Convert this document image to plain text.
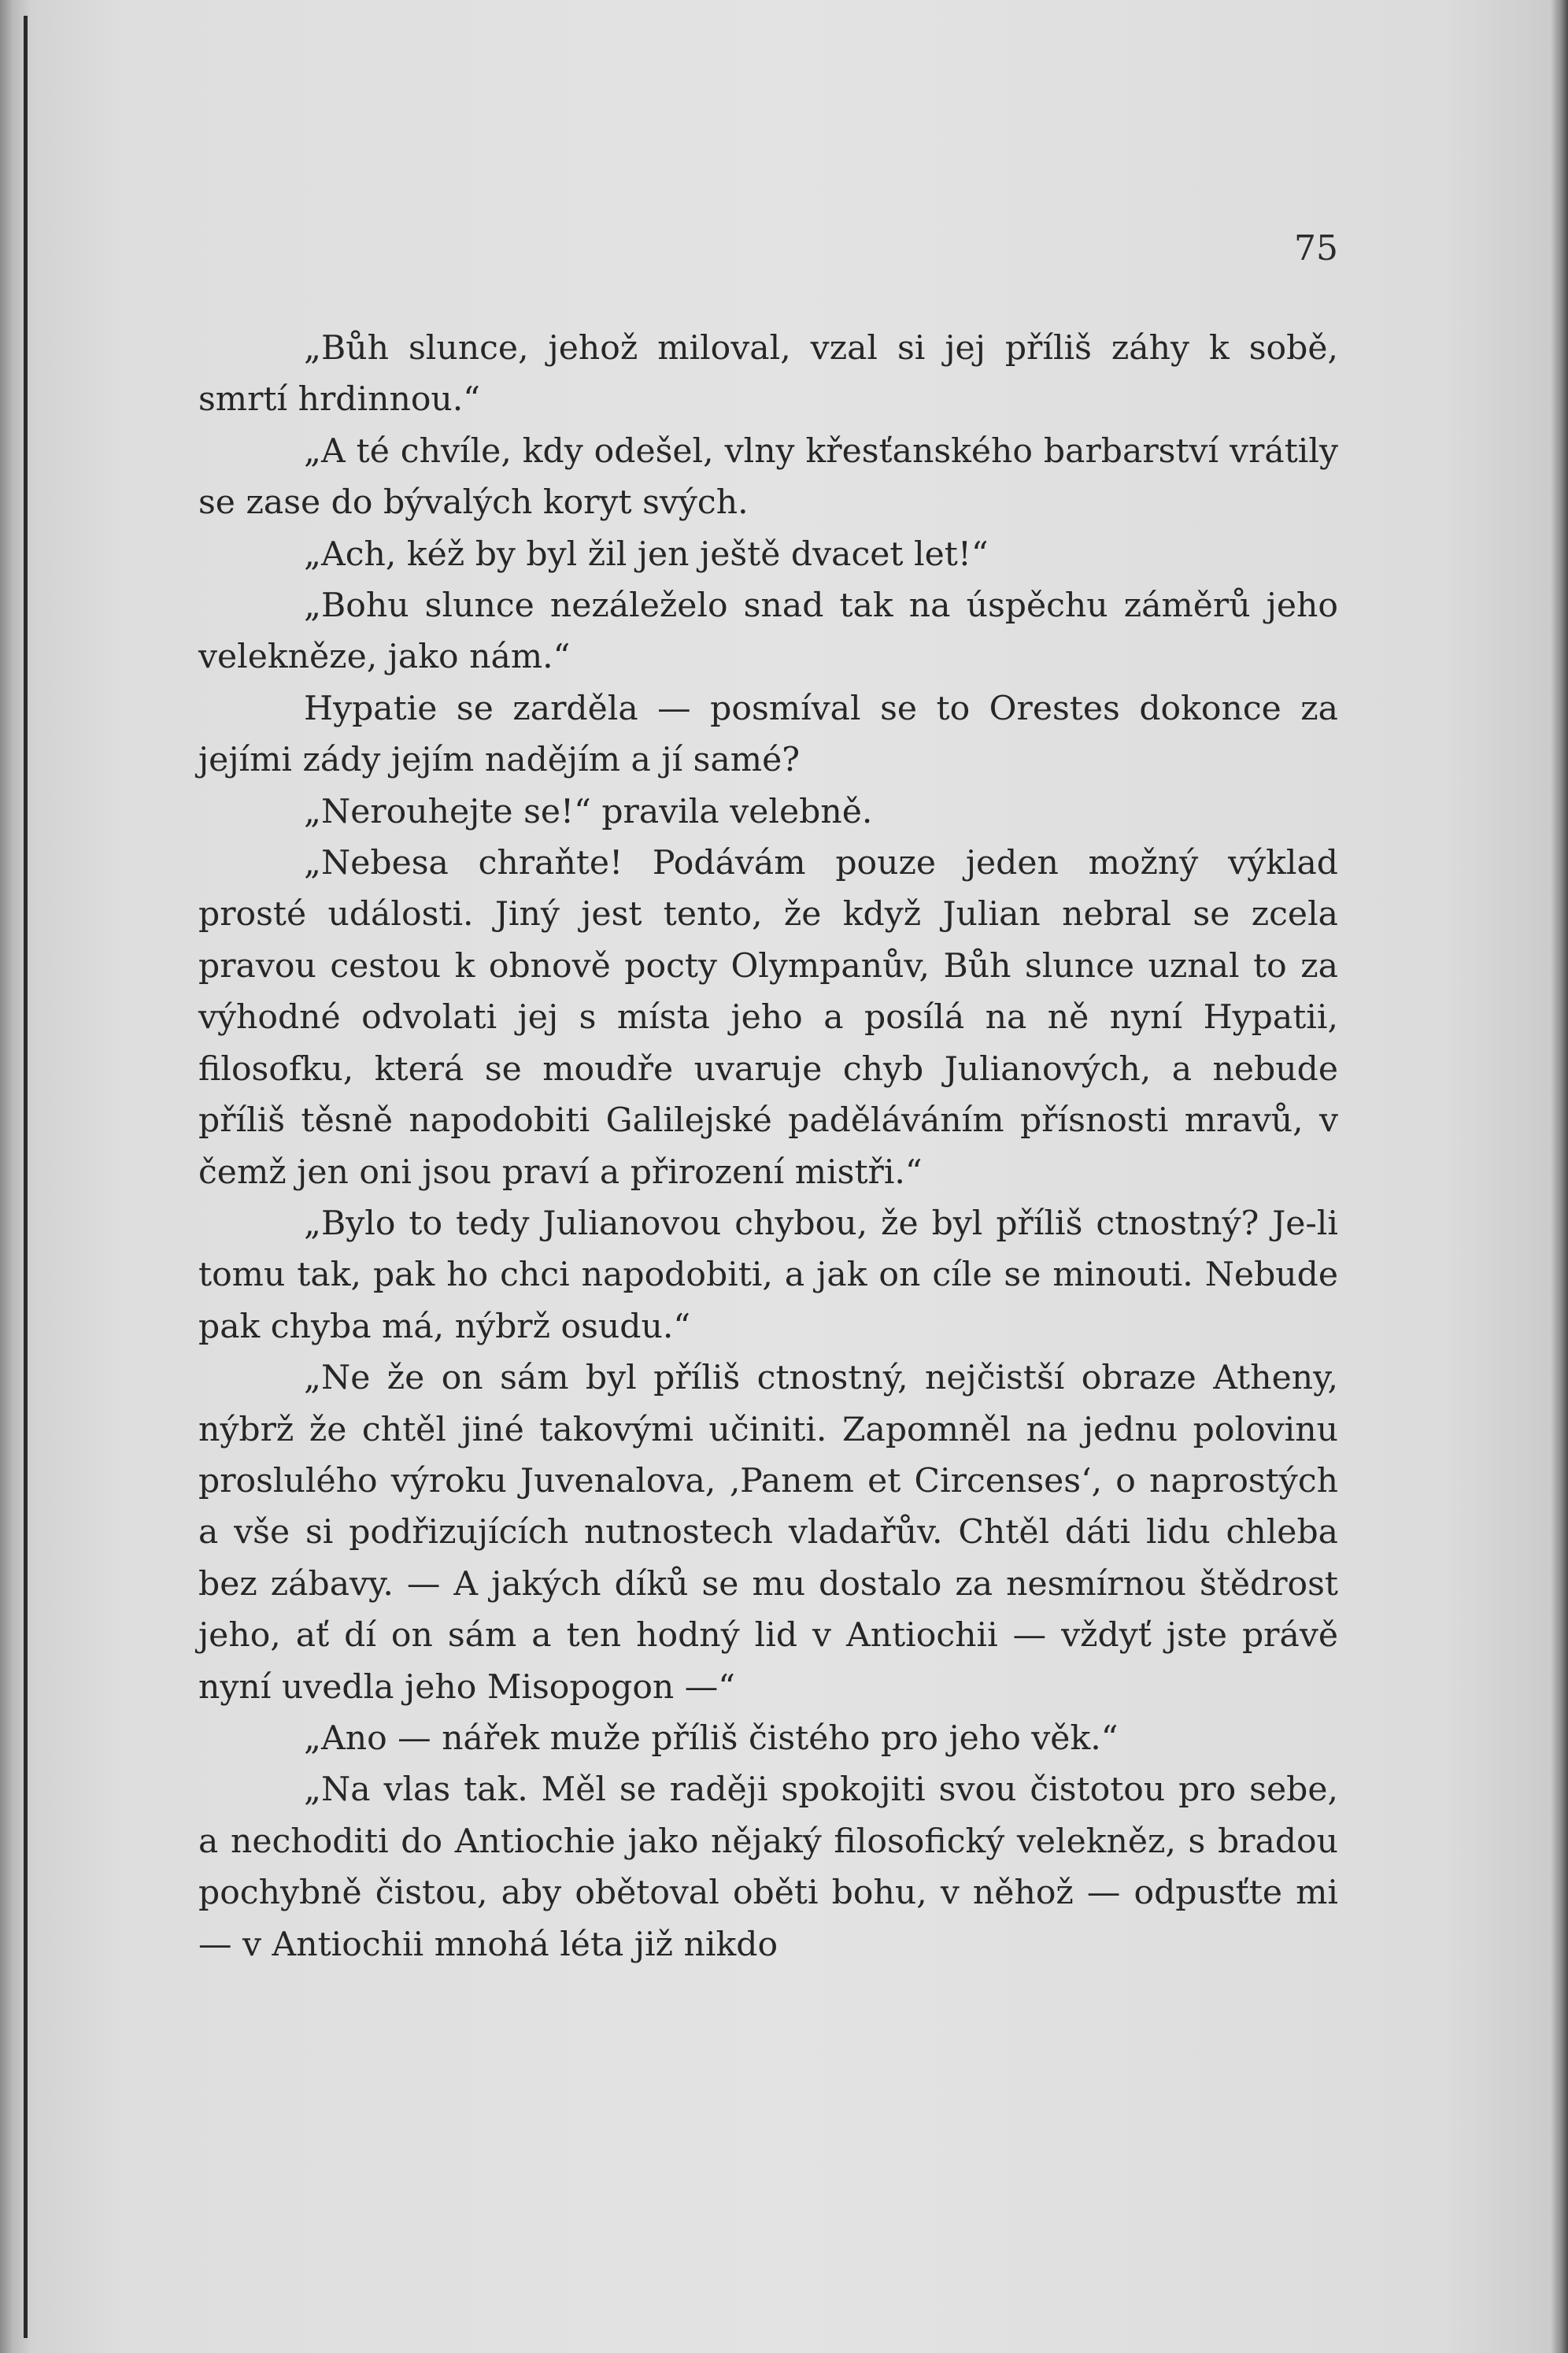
75

„Bůh slunce, jehož miloval, vzal si jej příliš záhy k sobě, smrtí hrdinnou.“

„A té chvíle, kdy odešel, vlny křesťanského barbarství vrátily se zase do bývalých koryt svých.

„Ach, kéž by byl žil jen ještě dvacet let!“

„Bohu slunce nezáleželo snad tak na úspěchu záměrů jeho velekněze, jako nám.“

Hypatie se zarděla — posmíval se to Orestes dokonce za jejími zády jejím nadějím a jí samé?

„Nerouhejte se!“ pravila velebně.

„Nebesa chraňte! Podávám pouze jeden možný výklad prosté události. Jiný jest tento, že když Julian nebral se zcela pravou cestou k obnově pocty Olympanův, Bůh slunce uznal to za výhodné odvolati jej s místa jeho a posílá na ně nyní Hypatii, filosofku, která se moudře uvaruje chyb Julianových, a nebude příliš těsně napodobiti Galilejské paděláváním přísnosti mravů, v čemž jen oni jsou praví a přirození mistři.“

„Bylo to tedy Julianovou chybou, že byl příliš ctnostný? Je-li tomu tak, pak ho chci napodobiti, a jak on cíle se minouti. Nebude pak chyba má, nýbrž osudu.“

„Ne že on sám byl příliš ctnostný, nejčistší obraze Atheny, nýbrž že chtěl jiné takovými učiniti. Zapomněl na jednu polovinu proslulého výroku Juvenalova, ‚Panem et Circenses‘, o naprostých a vše si podřizujících nutnostech vladařův. Chtěl dáti lidu chleba bez zábavy. — A jakých díků se mu dostalo za nesmírnou štědrost jeho, ať dí on sám a ten hodný lid v Antiochii — vždyť jste právě nyní uvedla jeho Misopogon —“

„Ano — nářek muže příliš čistého pro jeho věk.“

„Na vlas tak. Měl se raději spokojiti svou čistotou pro sebe, a nechoditi do Antiochie jako nějaký filosofický velekněz, s bradou pochybně čistou, aby obětoval oběti bohu, v něhož — odpusťte mi — v Antiochii mnohá léta již nikdo
